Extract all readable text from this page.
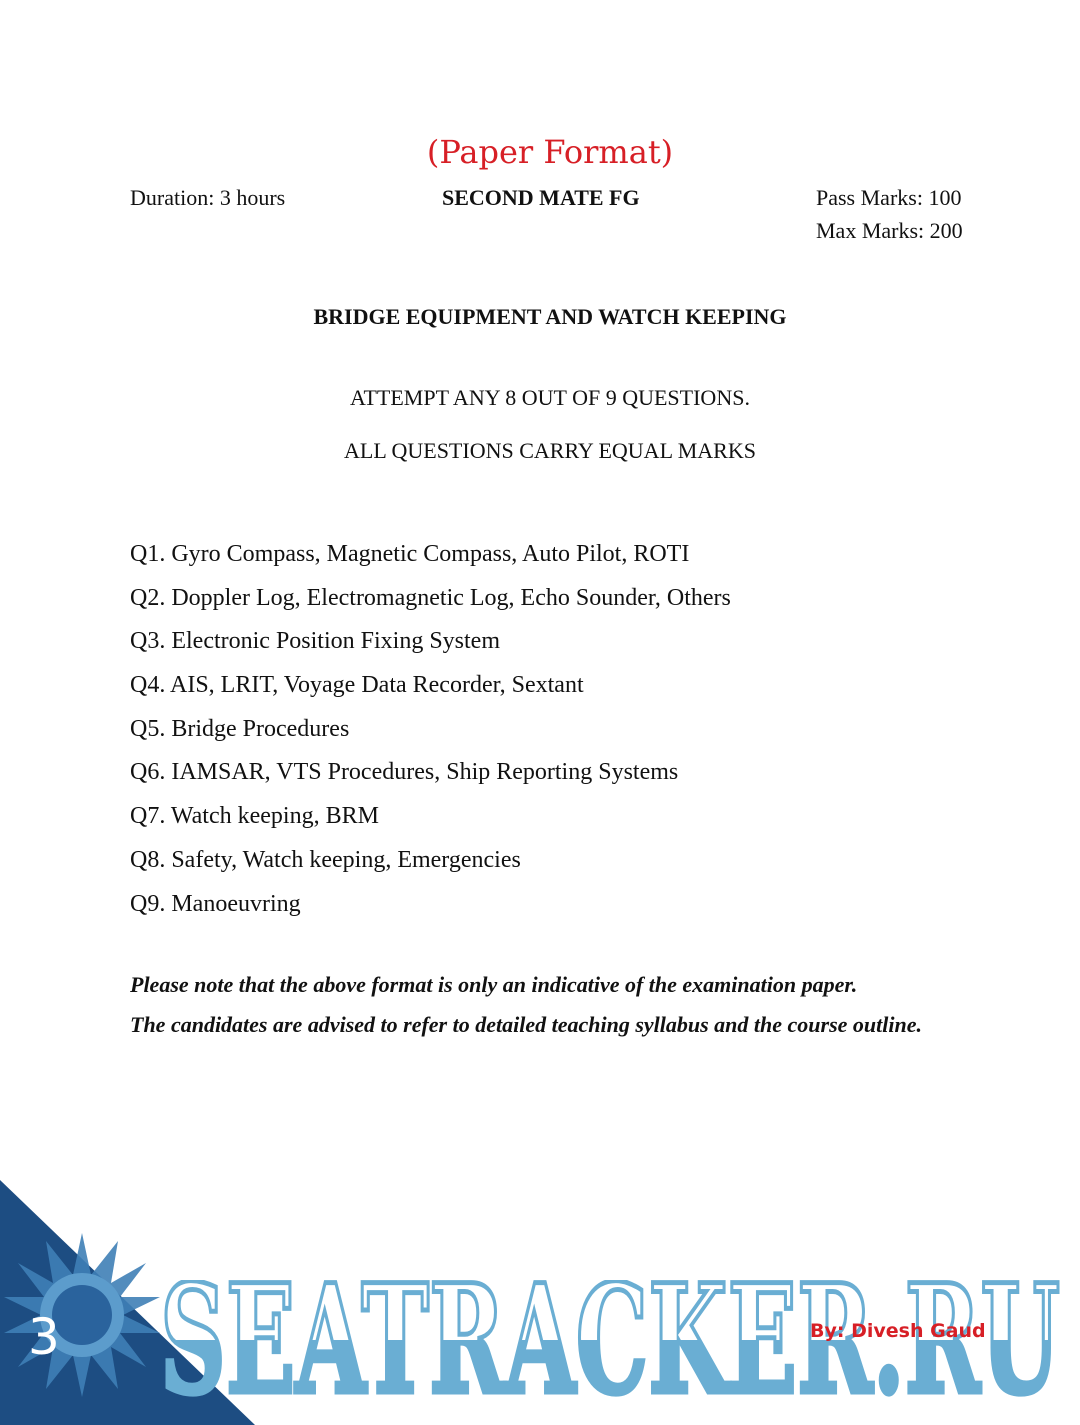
(Paper Format)
Duration: 3 hours	SECOND MATE FG	Pass Marks: 100
Max Marks: 200
BRIDGE EQUIPMENT AND WATCH KEEPING
ATTEMPT ANY 8 OUT OF 9 QUESTIONS.
ALL QUESTIONS CARRY EQUAL MARKS
Q1. Gyro Compass, Magnetic Compass, Auto Pilot, ROTI
Q2. Doppler Log, Electromagnetic Log, Echo Sounder, Others
Q3. Electronic Position Fixing System
Q4. AIS, LRIT, Voyage Data Recorder, Sextant
Q5. Bridge Procedures
Q6. IAMSAR, VTS Procedures, Ship Reporting Systems
Q7. Watch keeping, BRM
Q8. Safety, Watch keeping, Emergencies
Q9. Manoeuvring
Please note that the above format is only an indicative of the examination paper.
The candidates are advised to refer to detailed teaching syllabus and the course outline.
3 SEATRACKER.RU
By: Divesh Gaud
